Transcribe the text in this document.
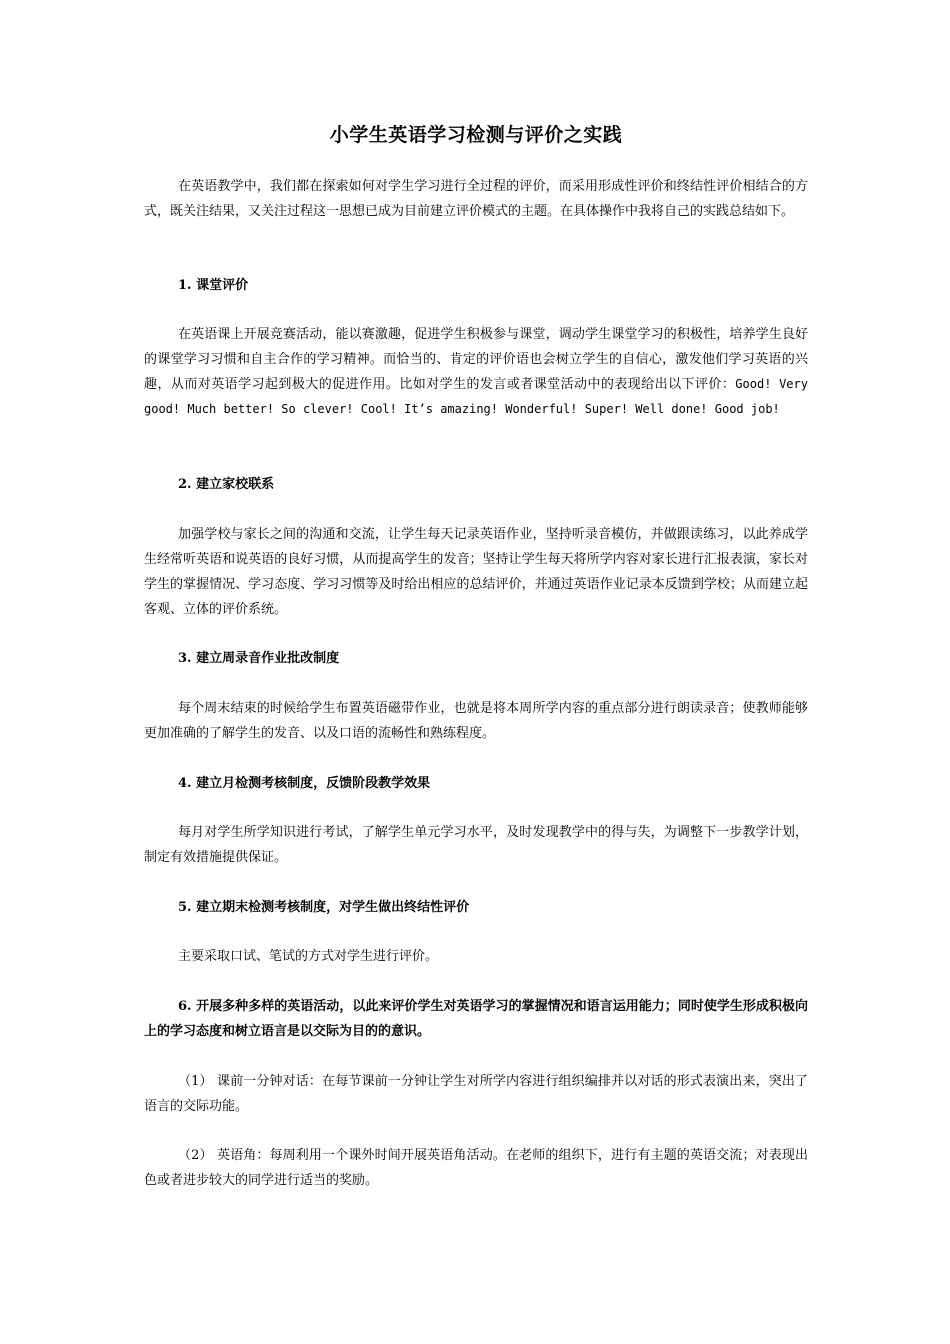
小学生英语学习检测与评价之实践

在英语教学中，我们都在探索如何对学生学习进行全过程的评价，而采用形成性评价和终结性评价相结合的方式，既关注结果，又关注过程这一思想已成为目前建立评价模式的主题。在具体操作中我将自己的实践总结如下。

1. 课堂评价

在英语课上开展竞赛活动，能以赛激趣，促进学生积极参与课堂，调动学生课堂学习的积极性，培养学生良好的课堂学习习惯和自主合作的学习精神。而恰当的、肯定的评价语也会树立学生的自信心，激发他们学习英语的兴趣，从而对英语学习起到极大的促进作用。比如对学生的发言或者课堂活动中的表现给出以下评价：Good! Very good! Much better! So clever! Cool! It’s amazing! Wonderful! Super! Well done! Good job!

2. 建立家校联系

加强学校与家长之间的沟通和交流，让学生每天记录英语作业，坚持听录音模仿，并做跟读练习，以此养成学生经常听英语和说英语的良好习惯，从而提高学生的发音；坚持让学生每天将所学内容对家长进行汇报表演，家长对学生的掌握情况、学习态度、学习习惯等及时给出相应的总结评价，并通过英语作业记录本反馈到学校；从而建立起客观、立体的评价系统。

3. 建立周录音作业批改制度

每个周末结束的时候给学生布置英语磁带作业，也就是将本周所学内容的重点部分进行朗读录音；使教师能够更加准确的了解学生的发音、以及口语的流畅性和熟练程度。

4. 建立月检测考核制度，反馈阶段教学效果

每月对学生所学知识进行考试，了解学生单元学习水平，及时发现教学中的得与失，为调整下一步教学计划，制定有效措施提供保证。

5. 建立期末检测考核制度，对学生做出终结性评价

主要采取口试、笔试的方式对学生进行评价。

6. 开展多种多样的英语活动，以此来评价学生对英语学习的掌握情况和语言运用能力；同时使学生形成积极向上的学习态度和树立语言是以交际为目的的意识。

（1） 课前一分钟对话：在每节课前一分钟让学生对所学内容进行组织编排并以对话的形式表演出来，突出了语言的交际功能。

（2） 英语角：每周利用一个课外时间开展英语角活动。在老师的组织下，进行有主题的英语交流；对表现出色或者进步较大的同学进行适当的奖励。
